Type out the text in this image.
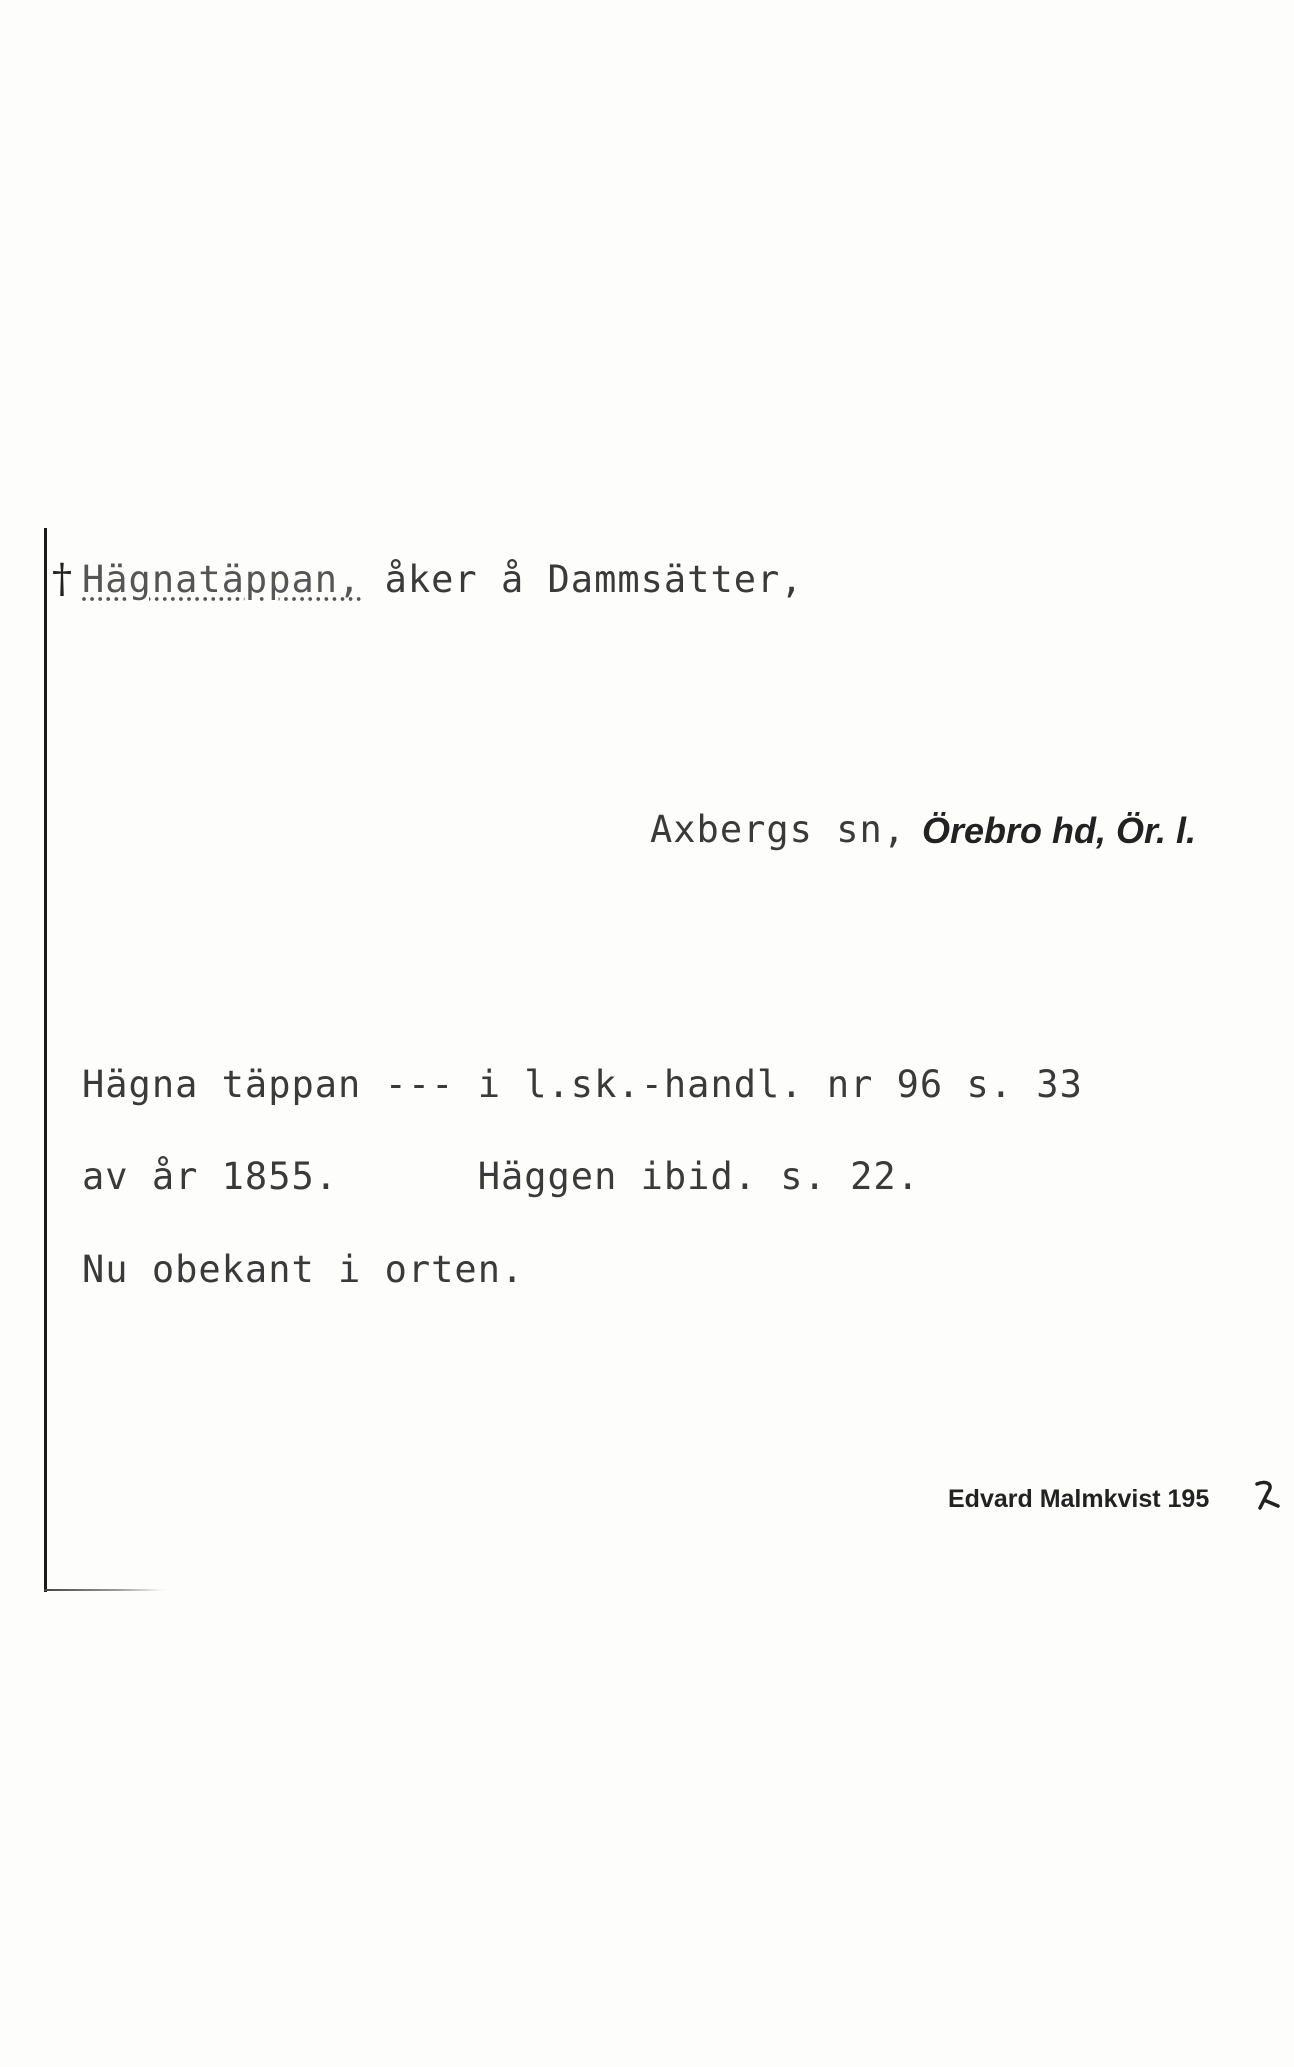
† Hägnatäppan, åker å Dammsätter,
Axbergs sn, Örebro hd, Ör. l.
Hägna täppan --- i l.sk.-handl. nr 96 s. 33
av år 1855.      Häggen ibid. s. 22.
Nu obekant i orten.
Edvard Malmkvist 195
